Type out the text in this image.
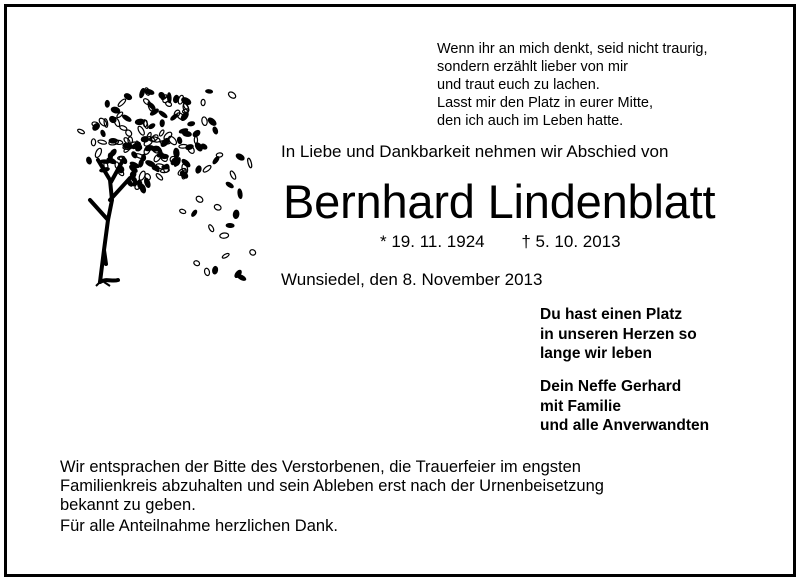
Wenn ihr an mich denkt, seid nicht traurig,
sondern erzählt lieber von mir
und traut euch zu lachen.
Lasst mir den Platz in eurer Mitte,
den ich auch im Leben hatte.
In Liebe und Dankbarkeit nehmen wir Abschied von
Bernhard Lindenblatt
* 19. 11. 1924 † 5. 10. 2013
Wunsiedel, den 8. November 2013
Du hast einen Platz
in unseren Herzen so
lange wir leben
Dein Neffe Gerhard
mit Familie
und alle Anverwandten
Wir entsprachen der Bitte des Verstorbenen, die Trauerfeier im engsten
Familienkreis abzuhalten und sein Ableben erst nach der Urnenbeisetzung
bekannt zu geben.
Für alle Anteilnahme herzlichen Dank.
